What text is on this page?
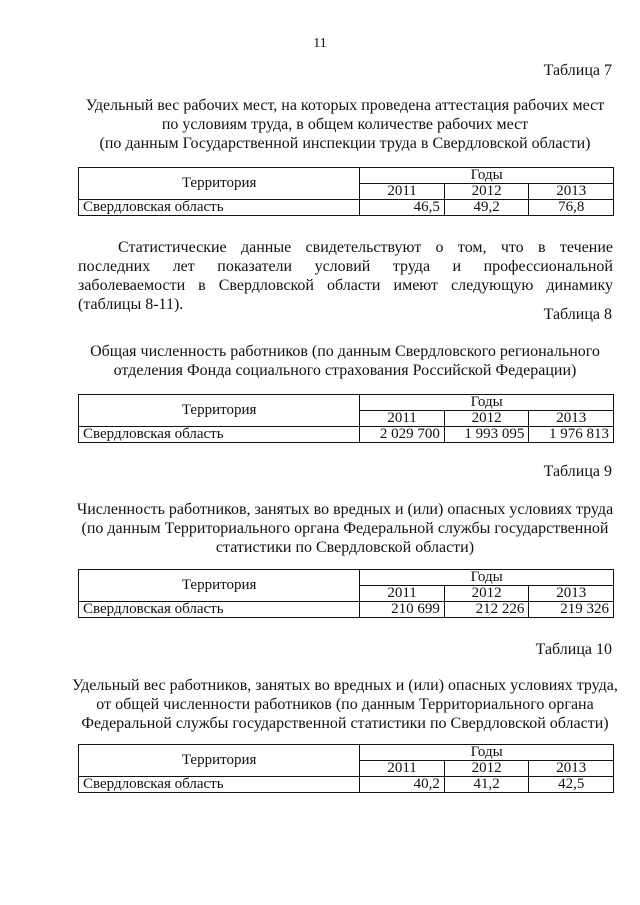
11
Таблица 7
Удельный вес рабочих мест, на которых проведена аттестация рабочих мест
по условиям труда, в общем количестве рабочих мест
(по данным Государственной инспекции труда в Свердловской области)
Территория	Годы		
	2011	2012	2013
Свердловская область	46,5	49,2	76,8

Статистические данные свидетельствуют о том, что в течение последних лет показатели условий труда и профессиональной заболеваемости в Свердловской области имеют следующую динамику (таблицы 8-11).

Таблица 8
Общая численность работников (по данным Свердловского регионального
отделения Фонда социального страхования Российской Федерации)
Территория	Годы		
	2011	2012	2013
Свердловская область	2 029 700	1 993 095	1 976 813
Таблица 9
Численность работников, занятых во вредных и (или) опасных условиях труда
(по данным Территориального органа Федеральной службы государственной
статистики по Свердловской области)
Территория	Годы		
	2011	2012	2013
Свердловская область	210 699	212 226	219 326
Таблица 10
Удельный вес работников, занятых во вредных и (или) опасных условиях труда,
от общей численности работников (по данным Территориального органа
Федеральной службы государственной статистики по Свердловской области)
Территория	Годы		
	2011	2012	2013
Свердловская область	40,2	41,2	42,5
